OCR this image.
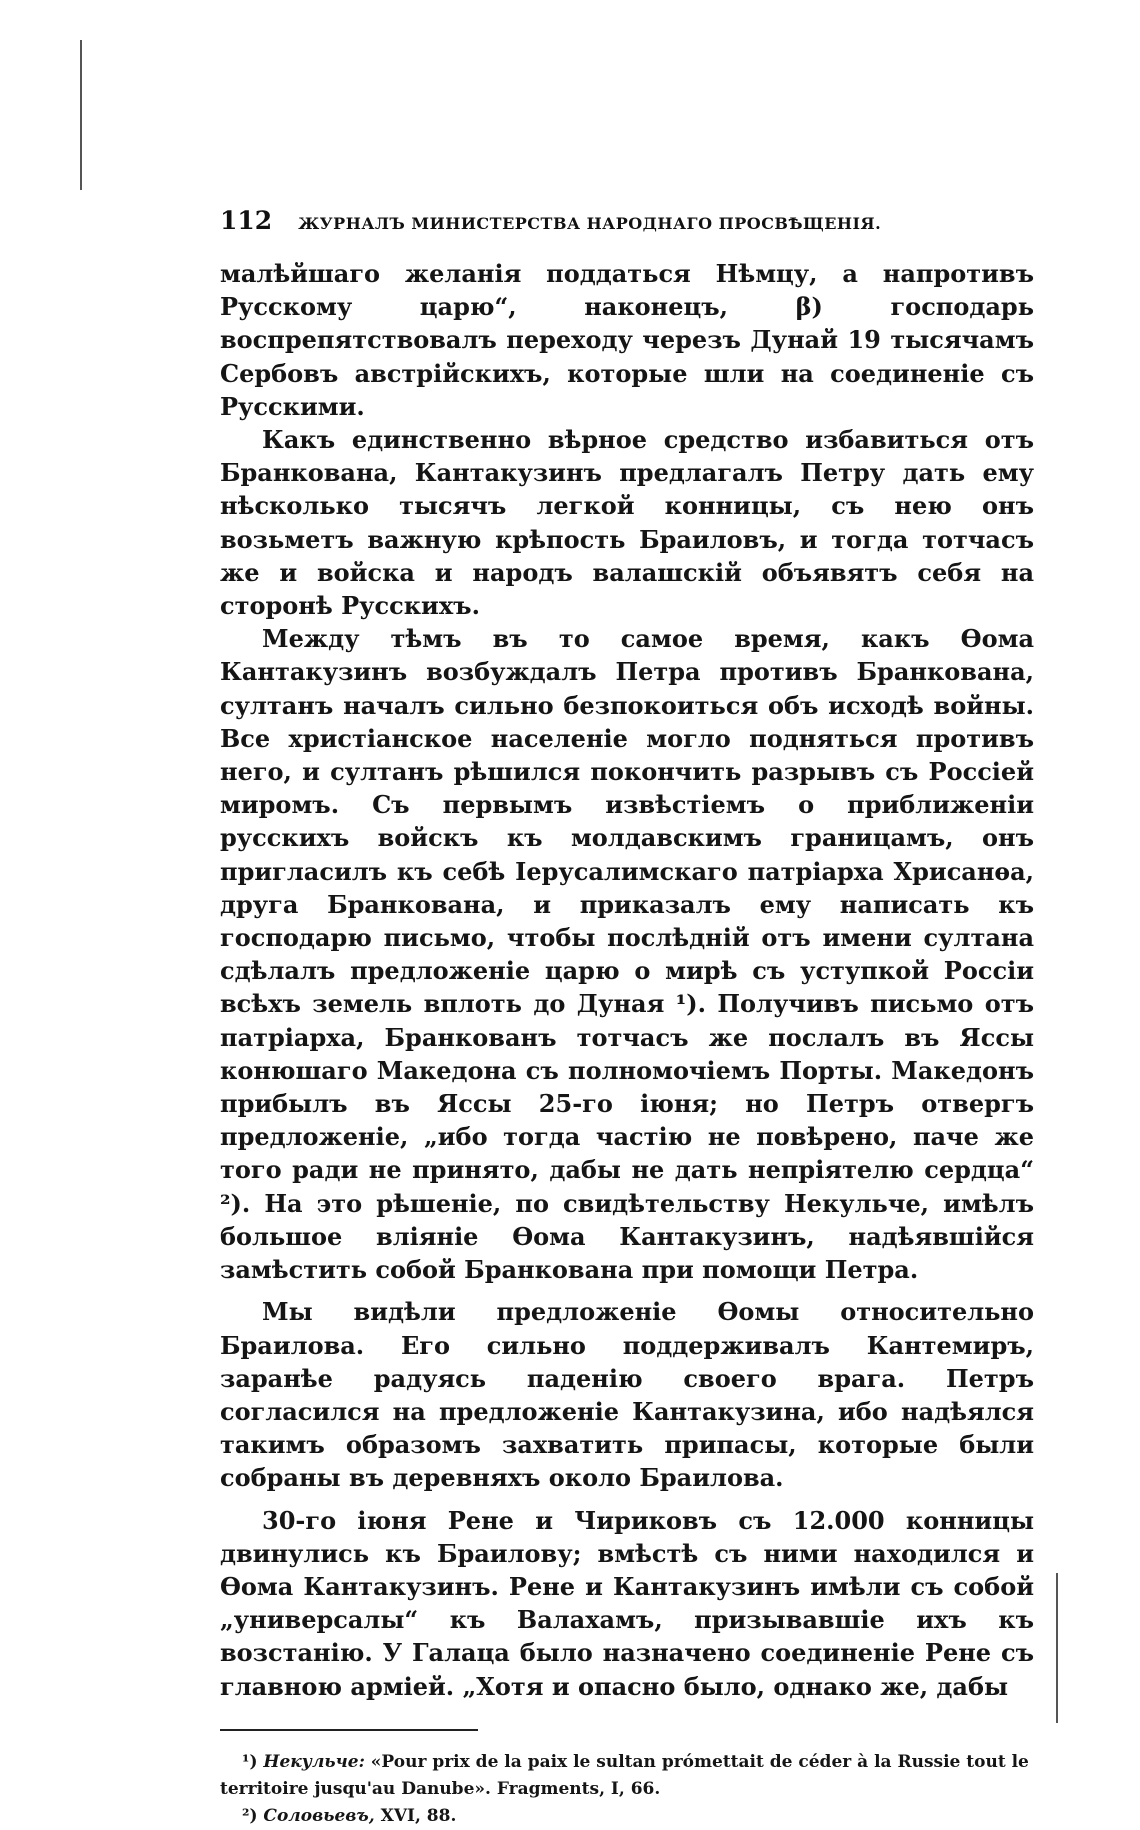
112 ЖУРНАЛЪ МИНИСТЕРСТВА НАРОДНАГО ПРОСВѢЩЕНІЯ.

малѣйшаго желанія поддаться Нѣмцу, а напротивъ Русскому царю“, наконецъ, β) господарь воспрепятствовалъ переходу черезъ Дунай 19 тысячамъ Сербовъ австрійскихъ, которые шли на соединеніе съ Русскими.

Какъ единственно вѣрное средство избавиться отъ Бранкована, Кантакузинъ предлагалъ Петру дать ему нѣсколько тысячъ легкой конницы, съ нею онъ возьметъ важную крѣпость Браиловъ, и тогда тотчасъ же и войска и народъ валашскій объявятъ себя на сторонѣ Русскихъ.

Между тѣмъ въ то самое время, какъ Ѳома Кантакузинъ возбуждалъ Петра противъ Бранкована, султанъ началъ сильно безпокоиться объ исходѣ войны. Все христіанское населеніе могло подняться противъ него, и султанъ рѣшился покончить разрывъ съ Россіей миромъ. Съ первымъ извѣстіемъ о приближеніи русскихъ войскъ къ молдавскимъ границамъ, онъ пригласилъ къ себѣ Іерусалимскаго патріарха Хрисанѳа, друга Бранкована, и приказалъ ему написать къ господарю письмо, чтобы послѣдній отъ имени султана сдѣлалъ предложеніе царю о мирѣ съ уступкой Россіи всѣхъ земель вплоть до Дуная ¹). Получивъ письмо отъ патріарха, Бранкованъ тотчасъ же послалъ въ Яссы конюшаго Македона съ полномочіемъ Порты. Македонъ прибылъ въ Яссы 25-го іюня; но Петръ отвергъ предложеніе, „ибо тогда частію не повѣрено, паче же того ради не принято, дабы не дать непріятелю сердца“ ²). На это рѣшеніе, по свидѣтельству Некульче, имѣлъ большое вліяніе Ѳома Кантакузинъ, надѣявшійся замѣстить собой Бранкована при помощи Петра.

Мы видѣли предложеніе Ѳомы относительно Браилова. Его сильно поддерживалъ Кантемиръ, заранѣе радуясь паденію своего врага. Петръ согласился на предложеніе Кантакузина, ибо надѣялся такимъ образомъ захватить припасы, которые были собраны въ деревняхъ около Браилова.

30-го іюня Рене и Чириковъ съ 12.000 конницы двинулись къ Браилову; вмѣстѣ съ ними находился и Ѳома Кантакузинъ. Рене и Кантакузинъ имѣли съ собой „универсалы“ къ Валахамъ, призывавшіе ихъ къ возстанію. У Галаца было назначено соединеніе Рене съ главною арміей. „Хотя и опасно было, однако же, дабы

¹) Некульче: «Pour prix de la paix le sultan prómettait de céder à la Russie tout le territoire jusqu'au Danube». Fragments, I, 66.

²) Соловьевъ, XVI, 88.
